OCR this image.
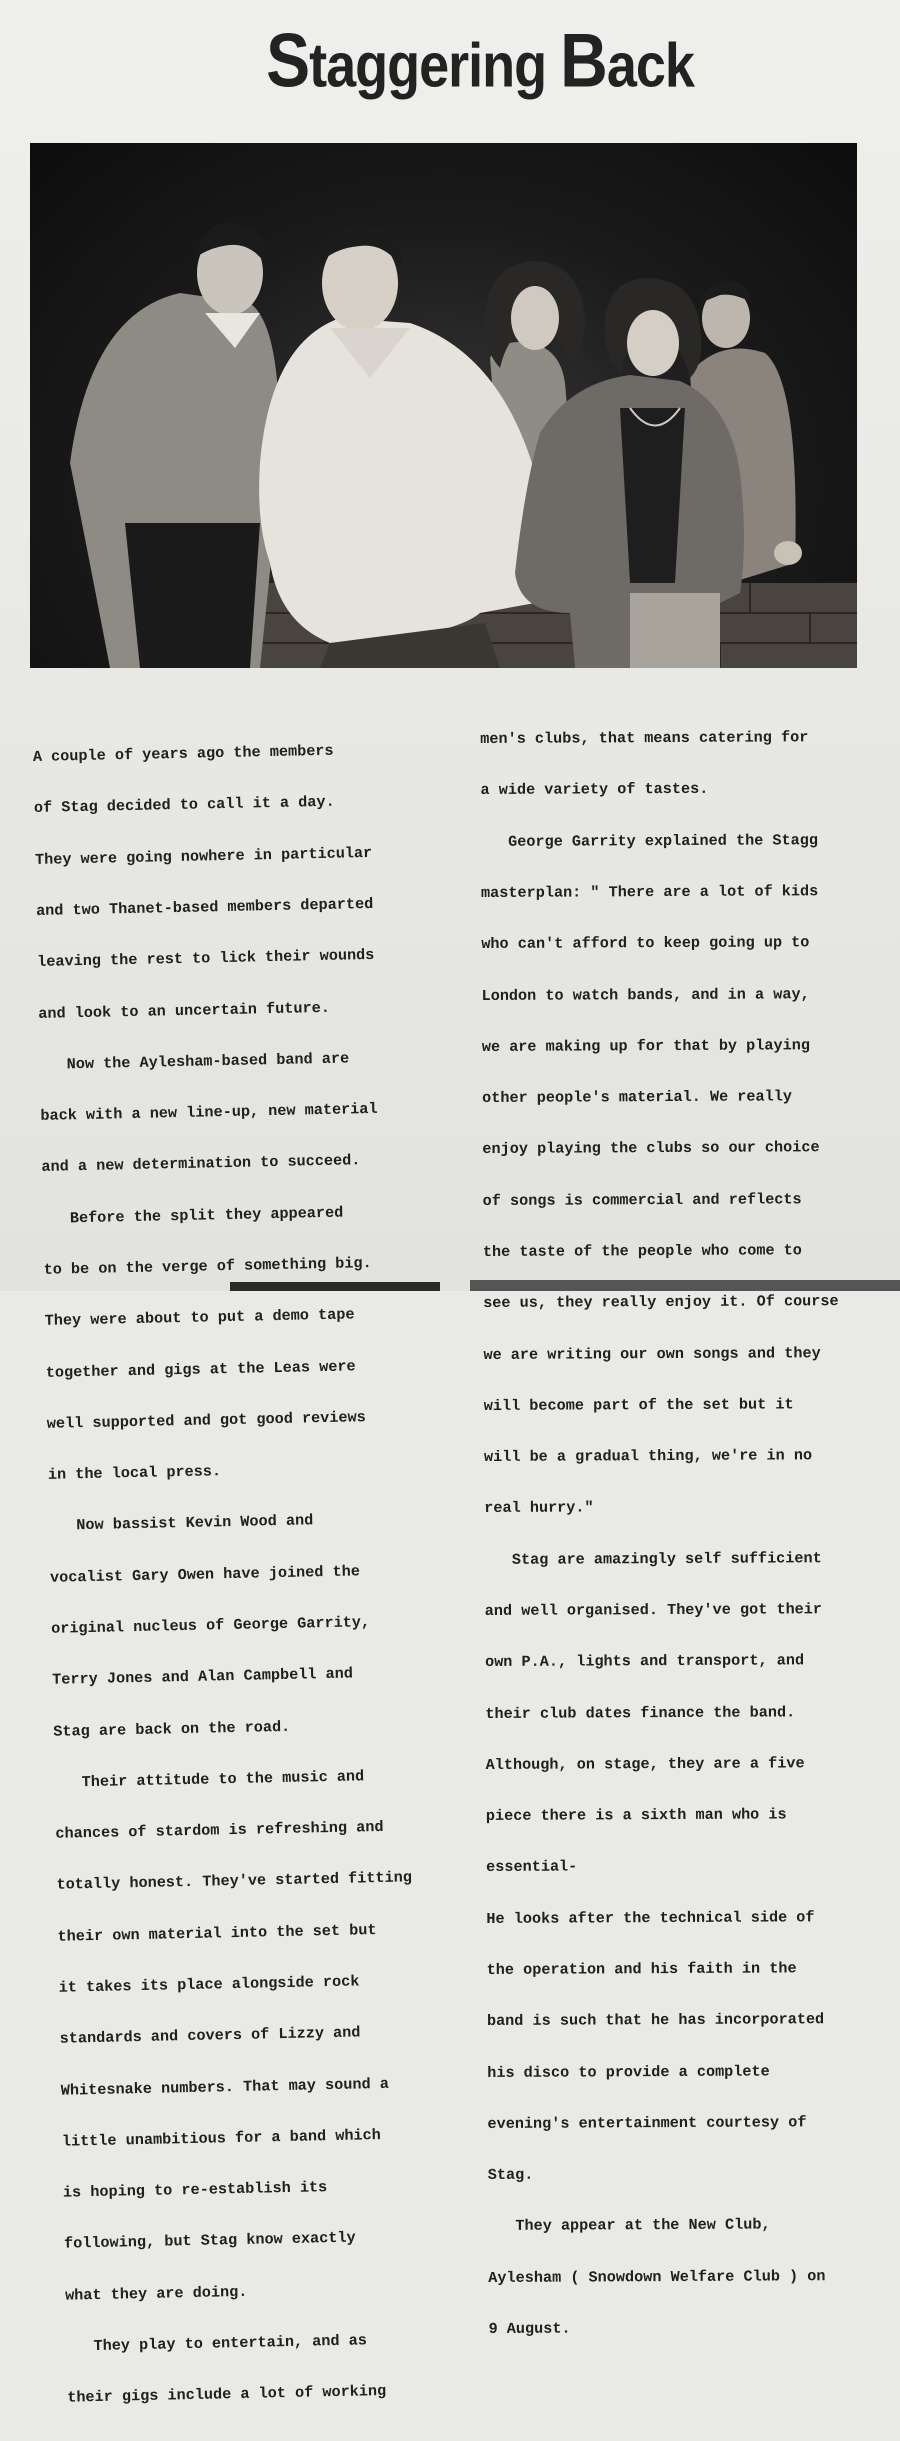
Staggering Back

A couple of years ago the members

of Stag decided to call it a day.

They were going nowhere in particular

and two Thanet-based members departed

leaving the rest to lick their wounds

and look to an uncertain future.

Now the Aylesham-based band are

back with a new line-up, new material

and a new determination to succeed.

Before the split they appeared

to be on the verge of something big.

They were about to put a demo tape

together and gigs at the Leas were

well supported and got good reviews

in the local press.

Now bassist Kevin Wood and

vocalist Gary Owen have joined the

original nucleus of George Garrity,

Terry Jones and Alan Campbell and

Stag are back on the road.

Their attitude to the music and

chances of stardom is refreshing and

totally honest. They've started fitting

their own material into the set but

it takes its place alongside rock

standards and covers of Lizzy and

Whitesnake numbers. That may sound a

little unambitious for a band which

is hoping to re-establish its

following, but Stag know exactly

what they are doing.

They play to entertain, and as

their gigs include a lot of working

men's clubs, that means catering for

a wide variety of tastes.

George Garrity explained the Stagg

masterplan: " There are a lot of kids

who can't afford to keep going up to

London to watch bands, and in a way,

we are making up for that by playing

other people's material. We really

enjoy playing the clubs so our choice

of songs is commercial and reflects

the taste of the people who come to

see us, they really enjoy it. Of course

we are writing our own songs and they

will become part of the set but it

will be a gradual thing, we're in no

real hurry."

Stag are amazingly self sufficient

and well organised. They've got their

own P.A., lights and transport, and

their club dates finance the band.

Although, on stage, they are a five

piece there is a sixth man who is

essential-

He looks after the technical side of

the operation and his faith in the

band is such that he has incorporated

his disco to provide a complete

evening's entertainment courtesy of

Stag.

They appear at the New Club,

Aylesham ( Snowdown Welfare Club ) on

9 August.
